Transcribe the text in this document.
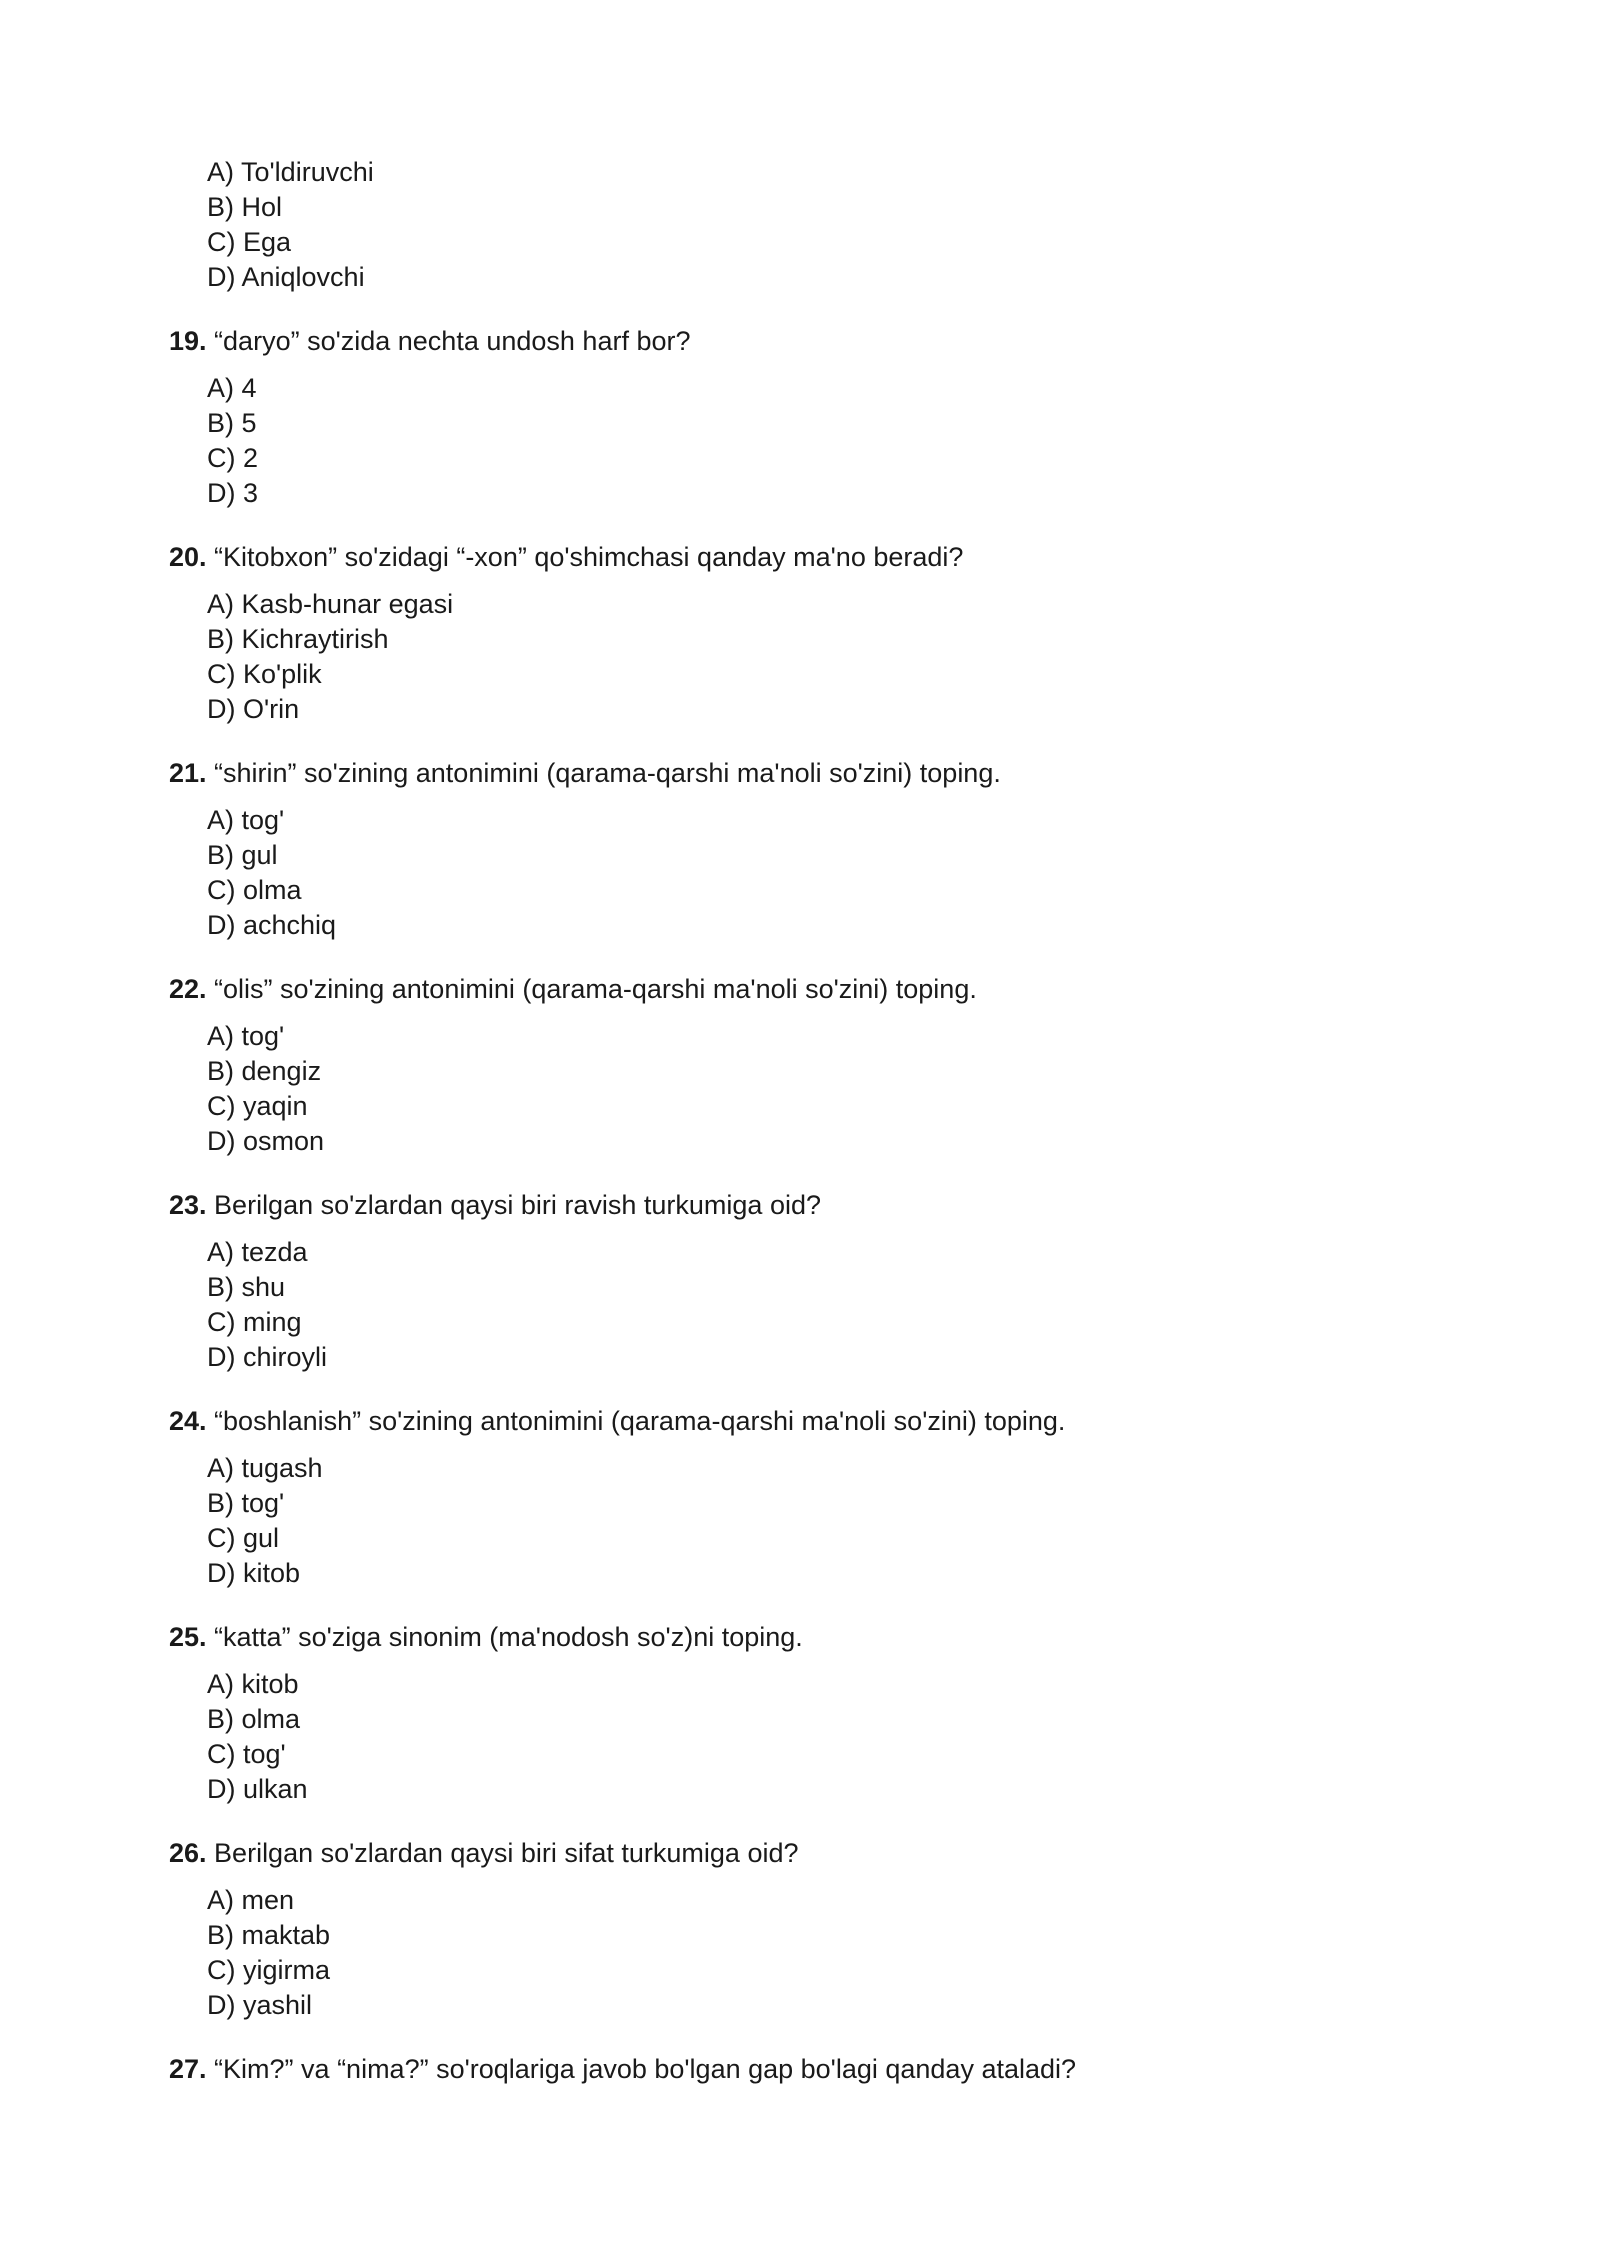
A) To'ldiruvchi
B) Hol
C) Ega
D) Aniqlovchi
19. “daryo” so'zida nechta undosh harf bor?
A) 4
B) 5
C) 2
D) 3
20. “Kitobxon” so'zidagi “-xon” qo'shimchasi qanday ma'no beradi?
A) Kasb-hunar egasi
B) Kichraytirish
C) Ko'plik
D) O'rin
21. “shirin” so'zining antonimini (qarama-qarshi ma'noli so'zini) toping.
A) tog'
B) gul
C) olma
D) achchiq
22. “olis” so'zining antonimini (qarama-qarshi ma'noli so'zini) toping.
A) tog'
B) dengiz
C) yaqin
D) osmon
23. Berilgan so'zlardan qaysi biri ravish turkumiga oid?
A) tezda
B) shu
C) ming
D) chiroyli
24. “boshlanish” so'zining antonimini (qarama-qarshi ma'noli so'zini) toping.
A) tugash
B) tog'
C) gul
D) kitob
25. “katta” so'ziga sinonim (ma'nodosh so'z)ni toping.
A) kitob
B) olma
C) tog'
D) ulkan
26. Berilgan so'zlardan qaysi biri sifat turkumiga oid?
A) men
B) maktab
C) yigirma
D) yashil
27. “Kim?” va “nima?” so'roqlariga javob bo'lgan gap bo'lagi qanday ataladi?
